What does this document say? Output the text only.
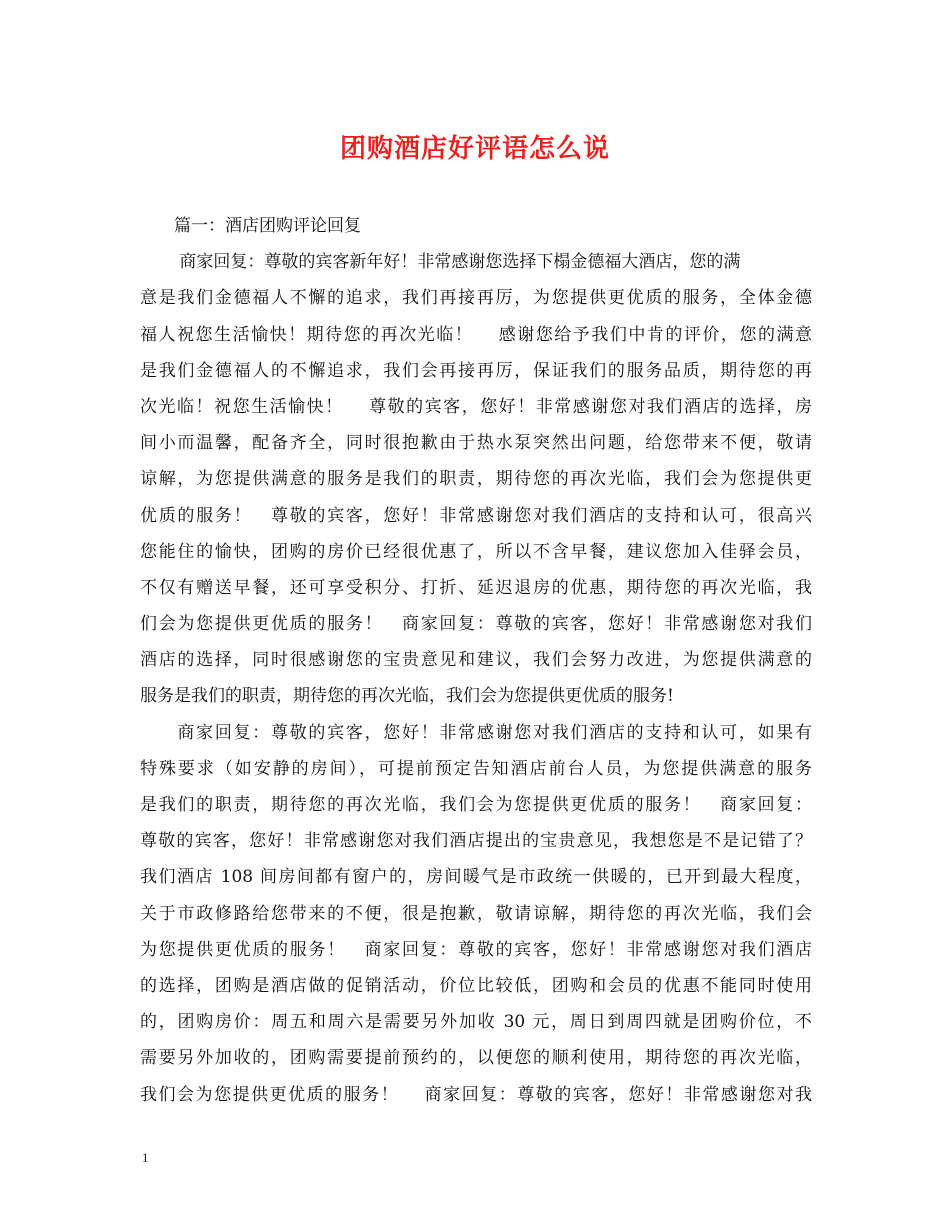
团购酒店好评语怎么说
　　篇一：酒店团购评论回复
　　 商家回复：尊敬的宾客新年好！非常感谢您选择下榻金德福大酒店，您的满
意是我们金德福人不懈的追求，我们再接再厉，为您提供更优质的服务，全体金德
福人祝您生活愉快！期待您的再次光临！　 感谢您给予我们中肯的评价，您的满意
是我们金德福人的不懈追求，我们会再接再厉，保证我们的服务品质，期待您的再
次光临！祝您生活愉快！　 尊敬的宾客，您好！非常感谢您对我们酒店的选择，房
间小而温馨，配备齐全，同时很抱歉由于热水泵突然出问题，给您带来不便，敬请
谅解，为您提供满意的服务是我们的职责，期待您的再次光临，我们会为您提供更
优质的服务！　尊敬的宾客，您好！非常感谢您对我们酒店的支持和认可，很高兴
您能住的愉快，团购的房价已经很优惠了，所以不含早餐，建议您加入佳驿会员，
不仅有赠送早餐，还可享受积分、打折、延迟退房的优惠，期待您的再次光临，我
们会为您提供更优质的服务！　商家回复：尊敬的宾客，您好！非常感谢您对我们
酒店的选择，同时很感谢您的宝贵意见和建议，我们会努力改进，为您提供满意的
服务是我们的职责，期待您的再次光临，我们会为您提供更优质的服务!
　　商家回复：尊敬的宾客，您好！非常感谢您对我们酒店的支持和认可，如果有
特殊要求（如安静的房间），可提前预定告知酒店前台人员，为您提供满意的服务
是我们的职责，期待您的再次光临，我们会为您提供更优质的服务！　商家回复：
尊敬的宾客，您好！非常感谢您对我们酒店提出的宝贵意见，我想您是不是记错了？
我们酒店 108 间房间都有窗户的，房间暖气是市政统一供暖的，已开到最大程度，
关于市政修路给您带来的不便，很是抱歉，敬请谅解，期待您的再次光临，我们会
为您提供更优质的服务！　商家回复：尊敬的宾客，您好！非常感谢您对我们酒店
的选择，团购是酒店做的促销活动，价位比较低，团购和会员的优惠不能同时使用
的，团购房价：周五和周六是需要另外加收 30 元，周日到周四就是团购价位，不
需要另外加收的，团购需要提前预约的，以便您的顺利使用，期待您的再次光临，
我们会为您提供更优质的服务！　 商家回复：尊敬的宾客，您好！非常感谢您对我
1
